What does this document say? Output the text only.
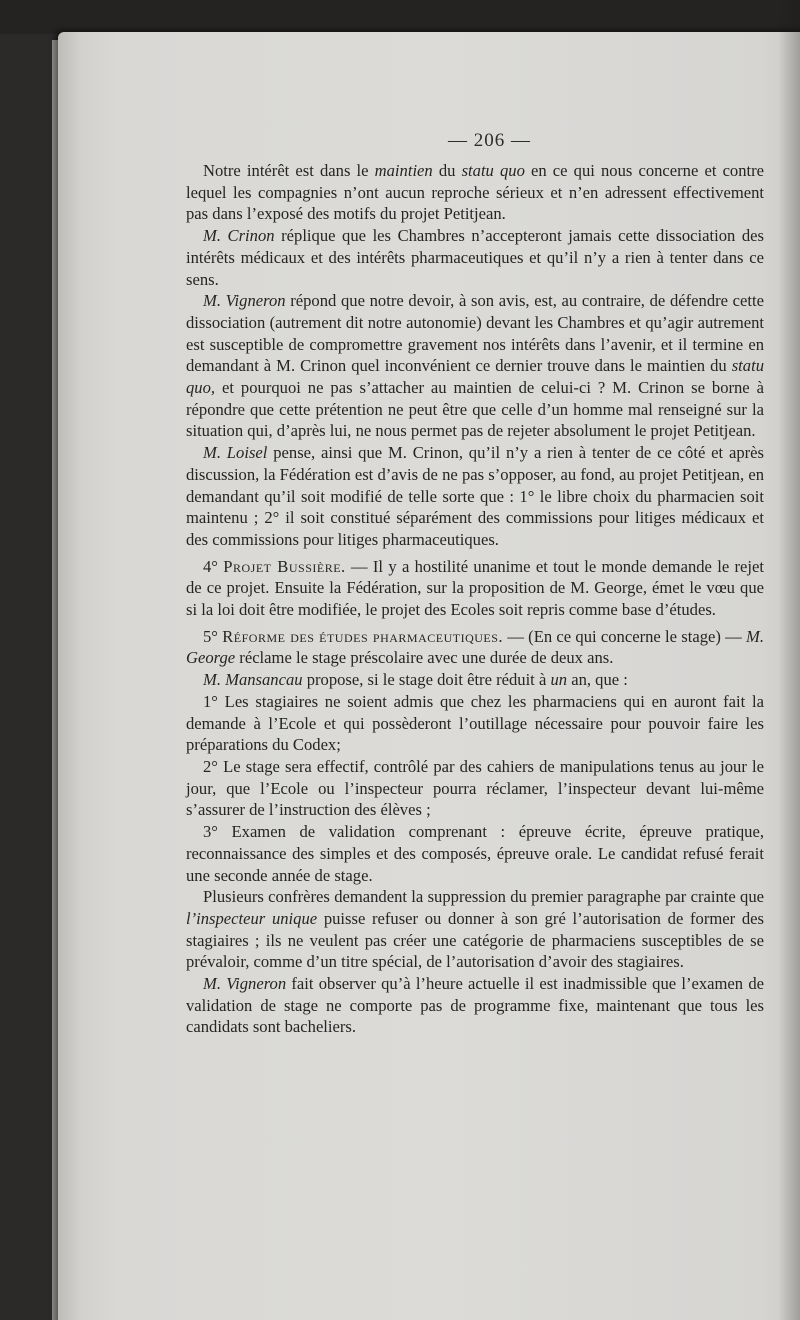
— 206 —

Notre intérêt est dans le maintien du statu quo en ce qui nous concerne et contre lequel les compagnies n’ont aucun reproche sérieux et n’en adressent effectivement pas dans l’exposé des motifs du projet Petitjean.

M. Crinon réplique que les Chambres n’accepteront jamais cette dissociation des intérêts médicaux et des intérêts pharmaceutiques et qu’il n’y a rien à tenter dans ce sens.

M. Vigneron répond que notre devoir, à son avis, est, au contraire, de défendre cette dissociation (autrement dit notre autonomie) devant les Chambres et qu’agir autrement est susceptible de compromettre gravement nos intérêts dans l’avenir, et il termine en demandant à M. Crinon quel inconvénient ce dernier trouve dans le maintien du statu quo, et pourquoi ne pas s’attacher au maintien de celui-ci ? M. Crinon se borne à répondre que cette prétention ne peut être que celle d’un homme mal renseigné sur la situation qui, d’après lui, ne nous permet pas de rejeter absolument le projet Petitjean.

M. Loisel pense, ainsi que M. Crinon, qu’il n’y a rien à tenter de ce côté et après discussion, la Fédération est d’avis de ne pas s’opposer, au fond, au projet Petitjean, en demandant qu’il soit modifié de telle sorte que : 1° le libre choix du pharmacien soit maintenu ; 2° il soit constitué séparément des commissions pour litiges médicaux et des commissions pour litiges pharmaceutiques.

4° Projet Bussière. — Il y a hostilité unanime et tout le monde demande le rejet de ce projet. Ensuite la Fédération, sur la proposition de M. George, émet le vœu que si la loi doit être modifiée, le projet des Ecoles soit repris comme base d’études.

5° Réforme des études pharmaceutiques. — (En ce qui concerne le stage) — M. George réclame le stage préscolaire avec une durée de deux ans.

M. Mansancau propose, si le stage doit être réduit à un an, que :

1° Les stagiaires ne soient admis que chez les pharmaciens qui en auront fait la demande à l’Ecole et qui possèderont l’outillage nécessaire pour pouvoir faire les préparations du Codex;

2° Le stage sera effectif, contrôlé par des cahiers de manipulations tenus au jour le jour, que l’Ecole ou l’inspecteur pourra réclamer, l’inspecteur devant lui-même s’assurer de l’instruction des élèves ;

3° Examen de validation comprenant : épreuve écrite, épreuve pratique, reconnaissance des simples et des composés, épreuve orale. Le candidat refusé ferait une seconde année de stage.

Plusieurs confrères demandent la suppression du premier paragraphe par crainte que l’inspecteur unique puisse refuser ou donner à son gré l’autorisation de former des stagiaires ; ils ne veulent pas créer une catégorie de pharmaciens susceptibles de se prévaloir, comme d’un titre spécial, de l’autorisation d’avoir des stagiaires.

M. Vigneron fait observer qu’à l’heure actuelle il est inadmissible que l’examen de validation de stage ne comporte pas de programme fixe, maintenant que tous les candidats sont bacheliers.
